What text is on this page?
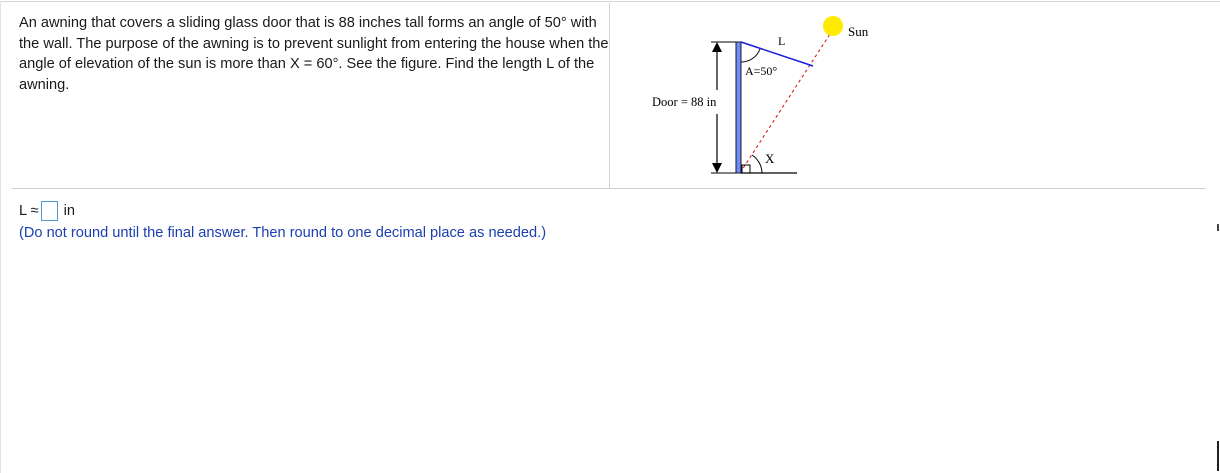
An awning that covers a sliding glass door that is 88 inches tall forms an angle of 50° with the wall. The purpose of the awning is to prevent sunlight from entering the house when the angle of elevation of the sun is more than X = 60°. See the figure. Find the length L of the awning.
Sun
L
A=50°
Door = 88 in
X
L ≈ in
(Do not round until the final answer. Then round to one decimal place as needed.)
